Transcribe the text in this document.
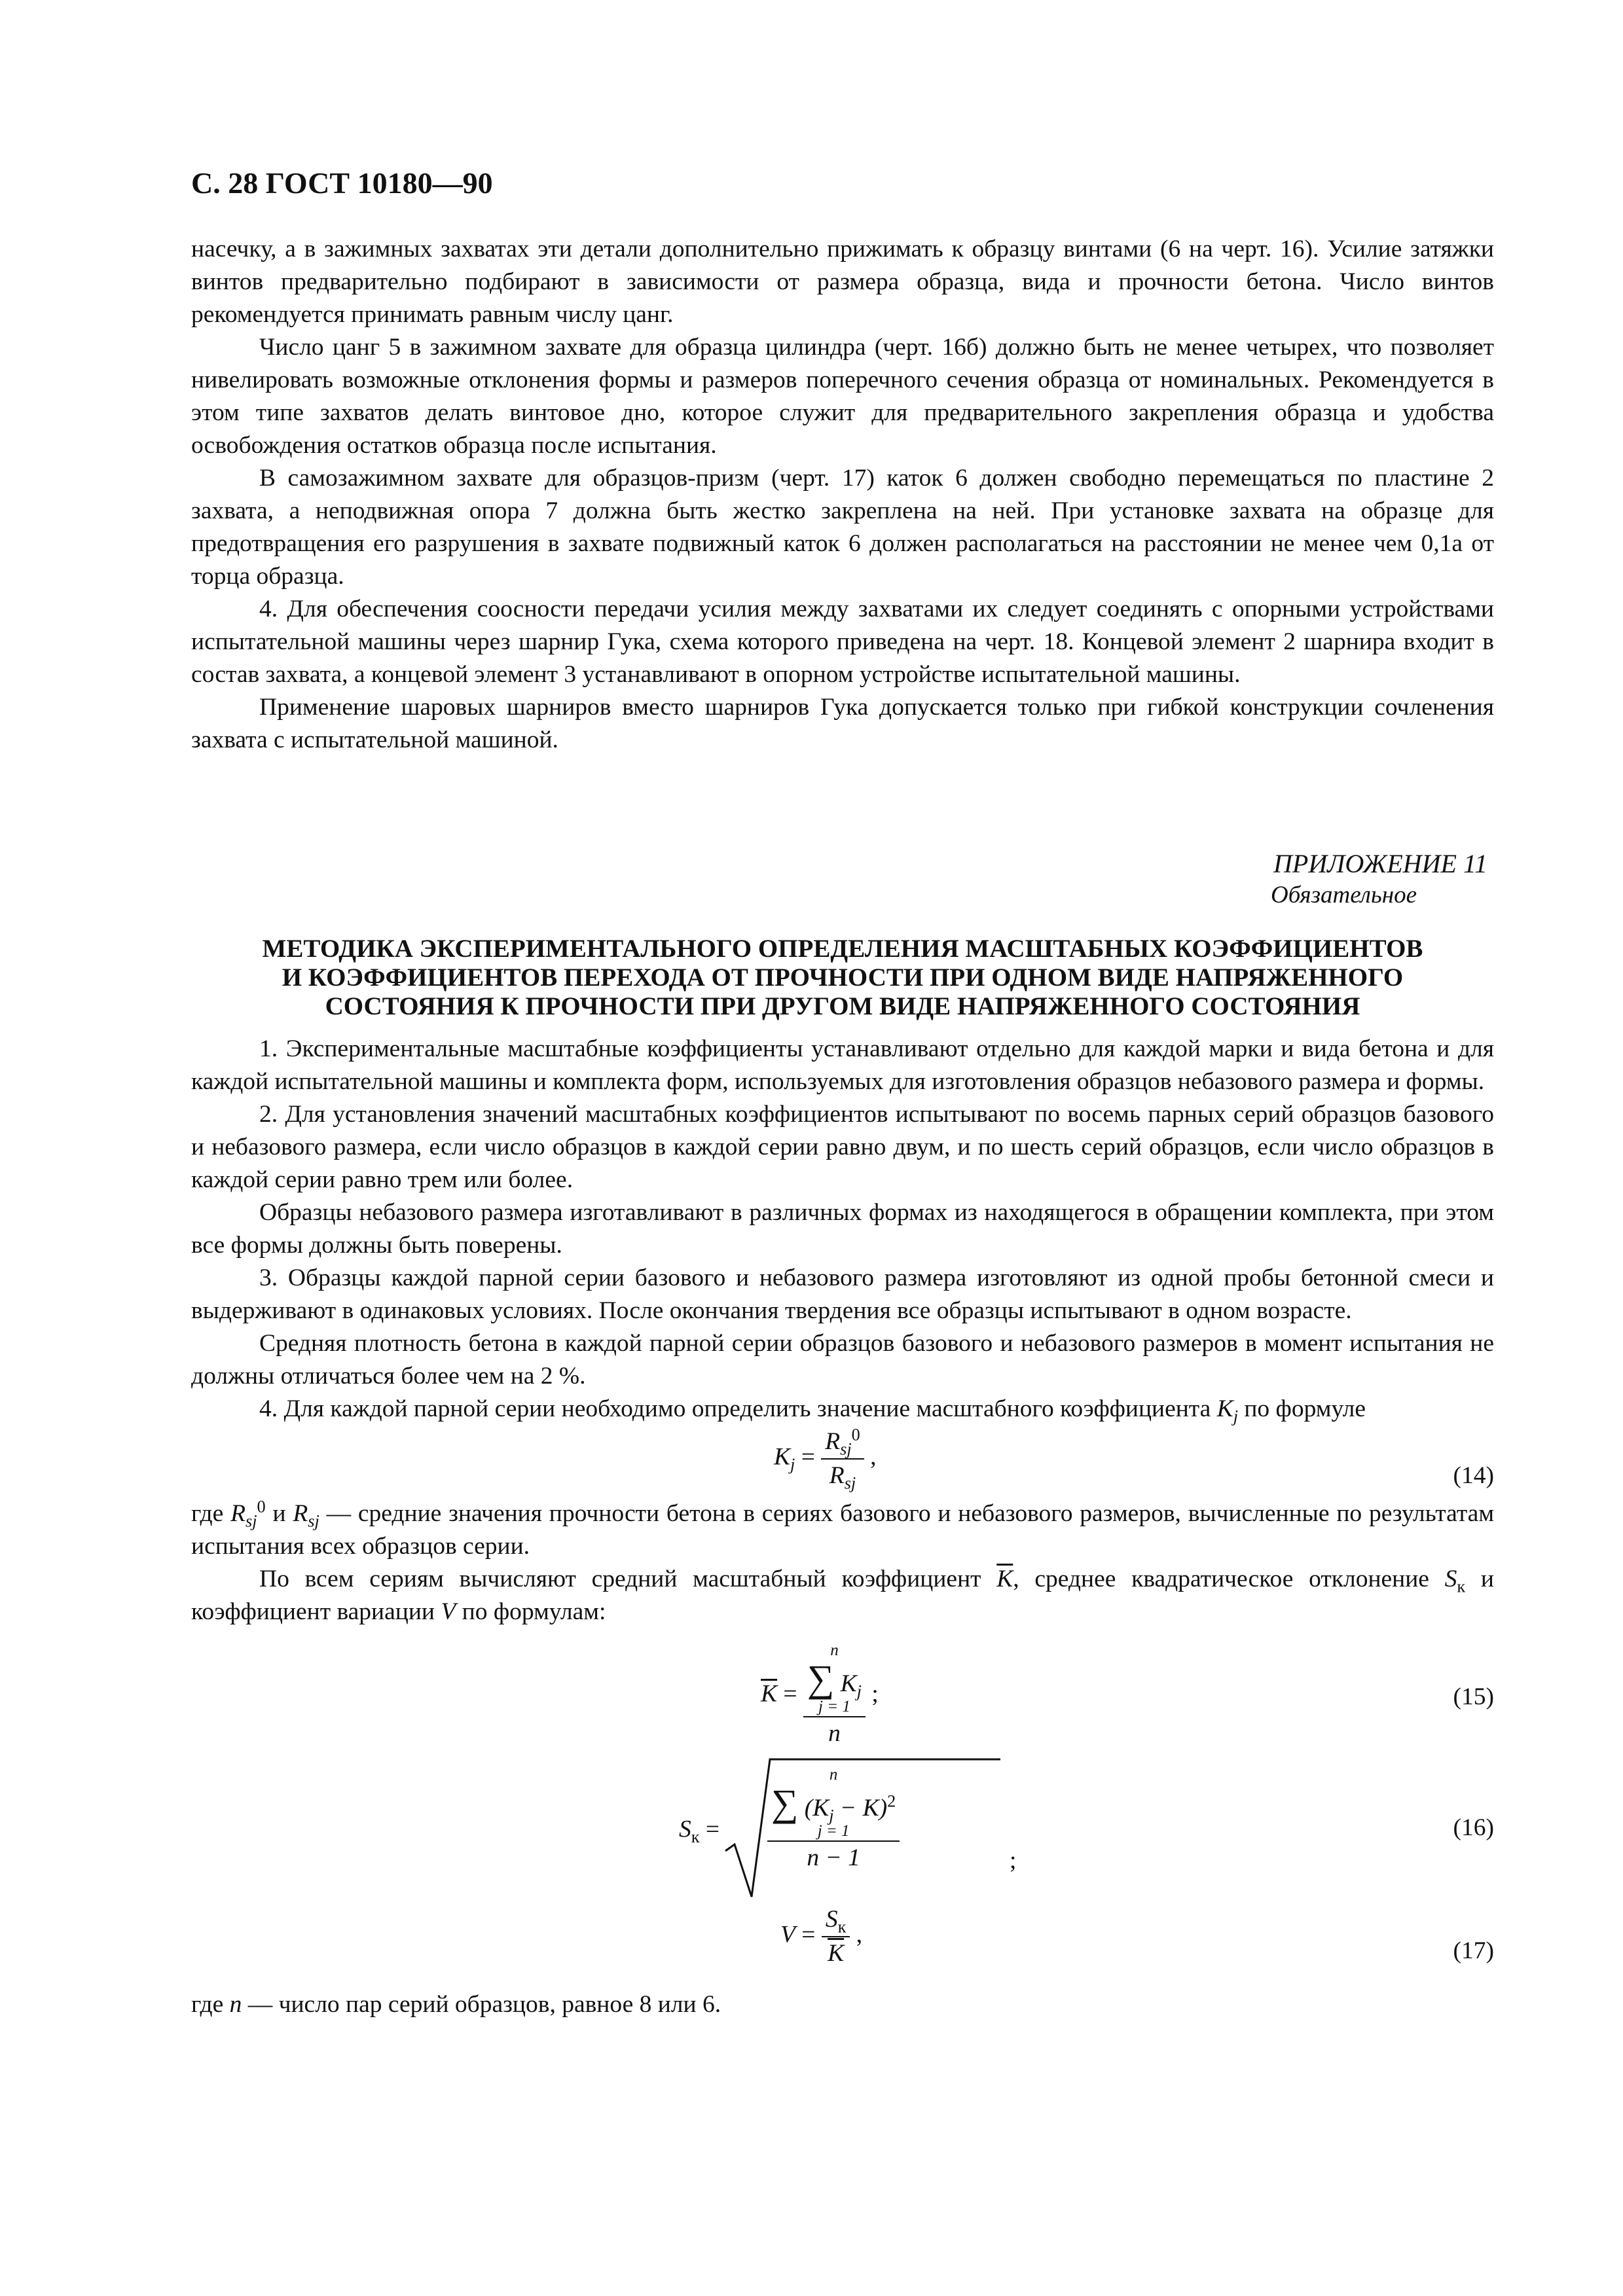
С. 28 ГОСТ 10180—90

насечку, а в зажимных захватах эти детали дополнительно прижимать к образцу винтами (6 на черт. 16). Усилие затяжки винтов предварительно подбирают в зависимости от размера образца, вида и прочности бетона. Число винтов рекомендуется принимать равным числу цанг.

Число цанг 5 в зажимном захвате для образца цилиндра (черт. 16б) должно быть не менее четырех, что позволяет нивелировать возможные отклонения формы и размеров поперечного сечения образца от номинальных. Рекомендуется в этом типе захватов делать винтовое дно, которое служит для предварительного закрепления образца и удобства освобождения остатков образца после испытания.

В самозажимном захвате для образцов-призм (черт. 17) каток 6 должен свободно перемещаться по пластине 2 захвата, а неподвижная опора 7 должна быть жестко закреплена на ней. При установке захвата на образце для предотвращения его разрушения в захвате подвижный каток 6 должен располагаться на расстоянии не менее чем 0,1a от торца образца.

4. Для обеспечения соосности передачи усилия между захватами их следует соединять с опорными устройствами испытательной машины через шарнир Гука, схема которого приведена на черт. 18. Концевой элемент 2 шарнира входит в состав захвата, а концевой элемент 3 устанавливают в опорном устройстве испытательной машины.

Применение шаровых шарниров вместо шарниров Гука допускается только при гибкой конструкции сочленения захвата с испытательной машиной.

ПРИЛОЖЕНИЕ 11
Обязательное
МЕТОДИКА ЭКСПЕРИМЕНТАЛЬНОГО ОПРЕДЕЛЕНИЯ МАСШТАБНЫХ КОЭФФИЦИЕНТОВ
И КОЭФФИЦИЕНТОВ ПЕРЕХОДА ОТ ПРОЧНОСТИ ПРИ ОДНОМ ВИДЕ НАПРЯЖЕННОГО
СОСТОЯНИЯ К ПРОЧНОСТИ ПРИ ДРУГОМ ВИДЕ НАПРЯЖЕННОГО СОСТОЯНИЯ

1. Экспериментальные масштабные коэффициенты устанавливают отдельно для каждой марки и вида бетона и для каждой испытательной машины и комплекта форм, используемых для изготовления образцов небазового размера и формы.

2. Для установления значений масштабных коэффициентов испытывают по восемь парных серий образцов базового и небазового размера, если число образцов в каждой серии равно двум, и по шесть серий образцов, если число образцов в каждой серии равно трем или более.

Образцы небазового размера изготавливают в различных формах из находящегося в обращении комплекта, при этом все формы должны быть поверены.

3. Образцы каждой парной серии базового и небазового размера изготовляют из одной пробы бетонной смеси и выдерживают в одинаковых условиях. После окончания твердения все образцы испытывают в одном возрасте.

Средняя плотность бетона в каждой парной серии образцов базового и небазового размеров в момент испытания не должны отличаться более чем на 2 %.

4. Для каждой парной серии необходимо определить значение масштабного коэффициента $K_j$ по формуле

$K_j = \frac{R_{sj}^0}{R_{sj}}$ ,
(14)

где $R_{sj}^0$ и $R_{sj}$ — средние значения прочности бетона в сериях базового и небазового размеров, вычисленные по результатам испытания всех образцов серии.

По всем сериям вычисляют средний масштабный коэффициент $\overline{K}$, среднее квадратическое отклонение $S_к$ и коэффициент вариации V по формулам:

$\overline{K} = n$
∑ $K_j$
j = 1
n ;	(15)
$S_к$ =	n
∑ $(K_j - K)^2$
j = 1
n − 1	;
(16)
$V = \frac{S_к}{K}$ ,
(17)

где n — число пар серий образцов, равное 8 или 6.
